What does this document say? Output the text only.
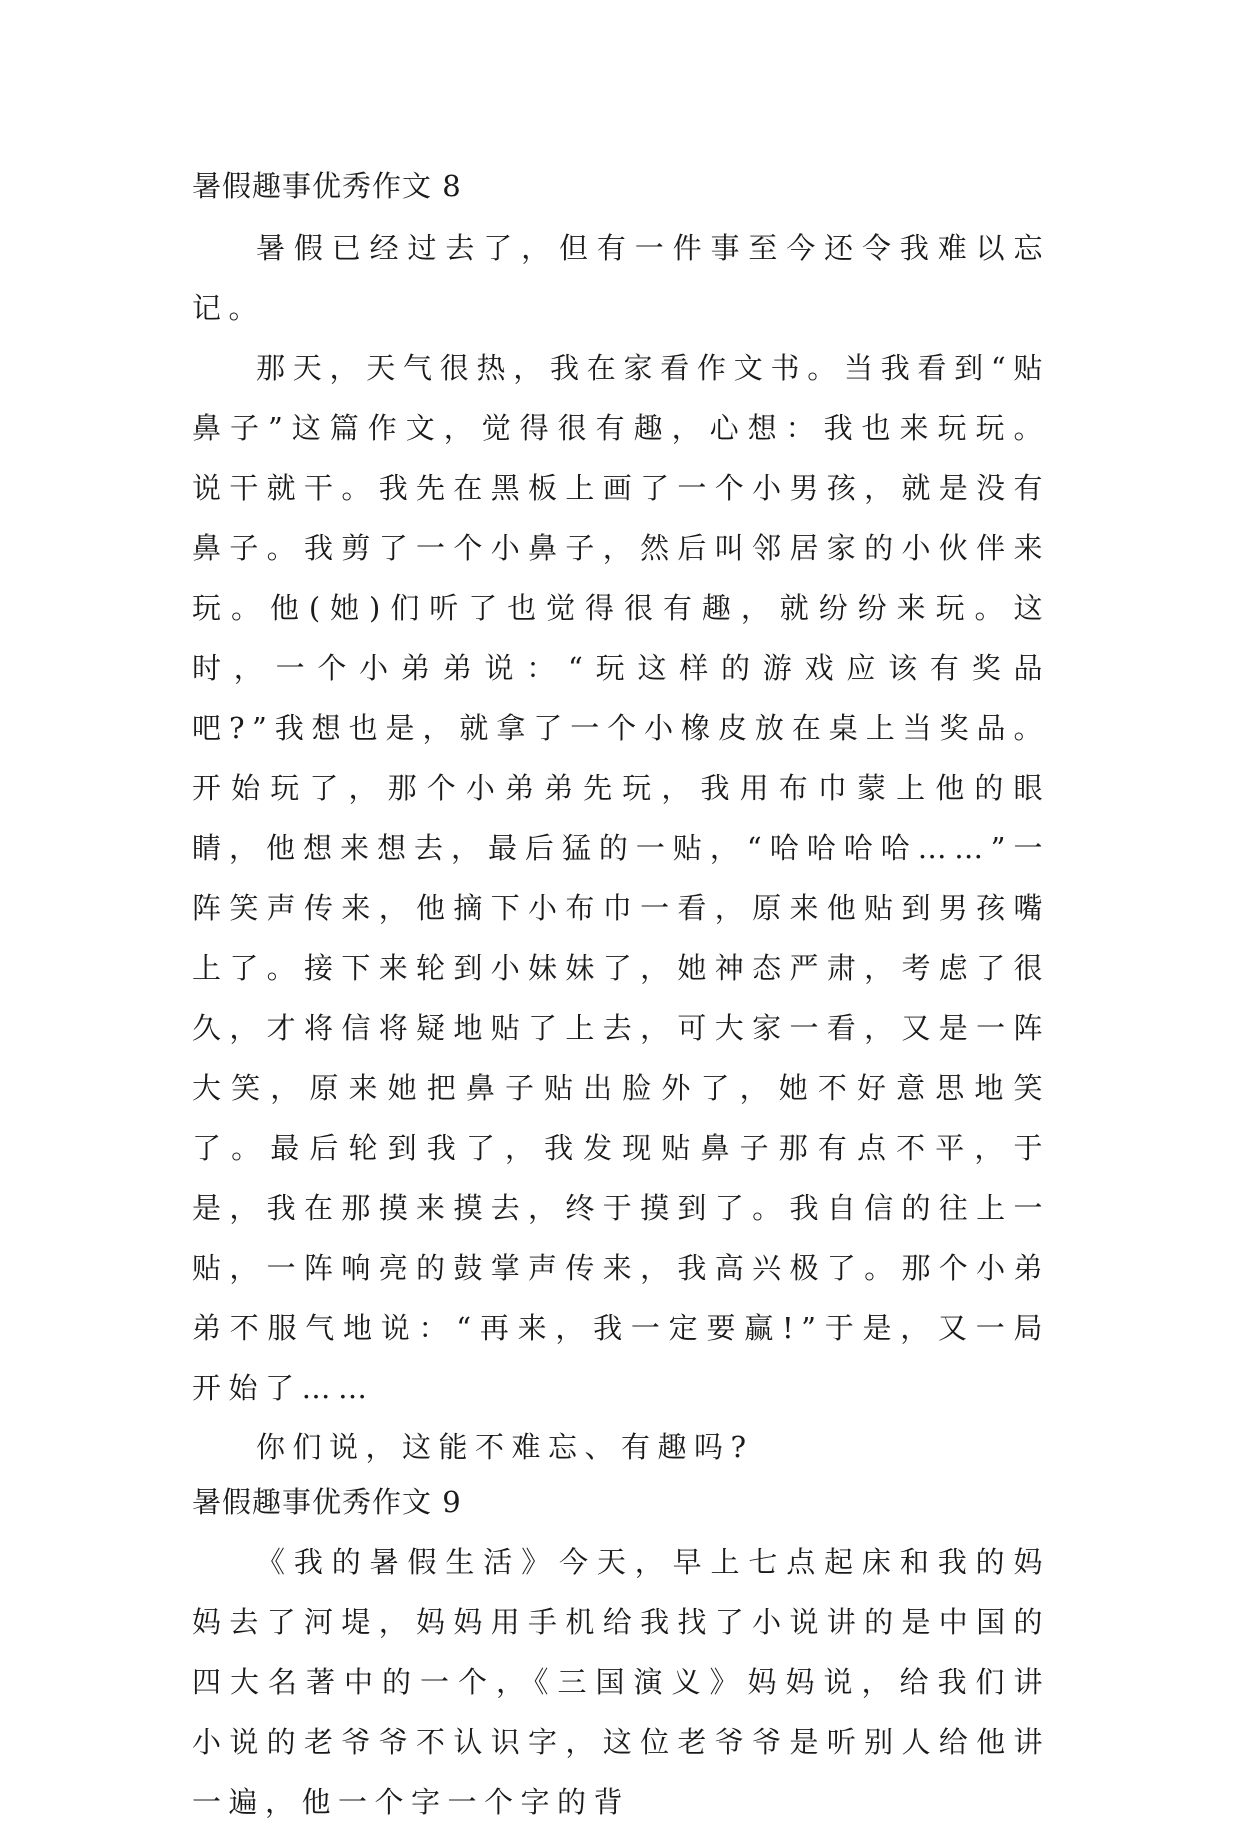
暑假趣事优秀作文 8

暑假已经过去了，但有一件事至今还令我难以忘记。

那天，天气很热，我在家看作文书。当我看到“贴鼻子”这篇作文，觉得很有趣，心想：我也来玩玩。说干就干。我先在黑板上画了一个小男孩，就是没有鼻子。我剪了一个小鼻子，然后叫邻居家的小伙伴来玩。他(她)们听了也觉得很有趣，就纷纷来玩。这时，一个小弟弟说：“玩这样的游戏应该有奖品吧?”我想也是，就拿了一个小橡皮放在桌上当奖品。开始玩了，那个小弟弟先玩，我用布巾蒙上他的眼睛，他想来想去，最后猛的一贴，“哈哈哈哈……”一阵笑声传来，他摘下小布巾一看，原来他贴到男孩嘴上了。接下来轮到小妹妹了，她神态严肃，考虑了很久，才将信将疑地贴了上去，可大家一看，又是一阵大笑，原来她把鼻子贴出脸外了，她不好意思地笑了。最后轮到我了，我发现贴鼻子那有点不平，于是，我在那摸来摸去，终于摸到了。我自信的往上一贴，一阵响亮的鼓掌声传来，我高兴极了。那个小弟弟不服气地说：“再来，我一定要赢!”于是，又一局开始了……

你们说，这能不难忘、有趣吗?

暑假趣事优秀作文 9

《我的暑假生活》今天，早上七点起床和我的妈妈去了河堤，妈妈用手机给我找了小说讲的是中国的四大名著中的一个，《三国演义》妈妈说，给我们讲小说的老爷爷不认识字，这位老爷爷是听别人给他讲一遍，他一个字一个字的背
